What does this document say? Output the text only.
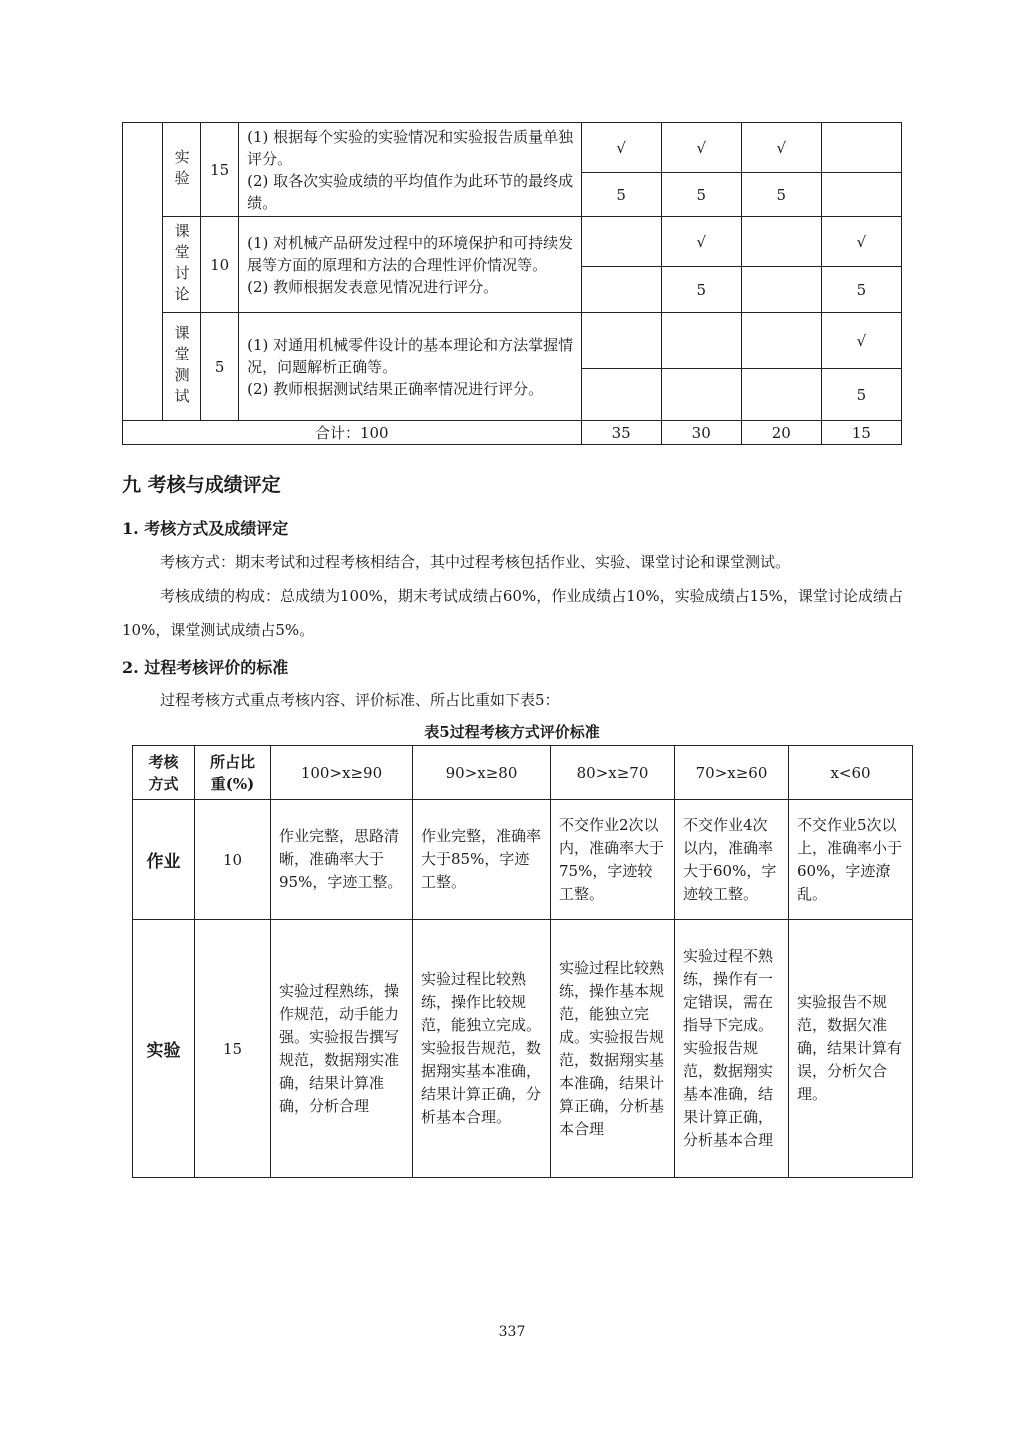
	实验	15	(1) 根据每个实验的实验情况和实验报告质量单独评分。
(2) 取各次实验成绩的平均值作为此环节的最终成绩。	√	√	√	
				5	5	5	
	课堂讨论	10	(1) 对机械产品研发过程中的环境保护和可持续发展等方面的原理和方法的合理性评价情况等。
(2) 教师根据发表意见情况进行评分。		√		√
					5		5
	课堂测试	5	(1) 对通用机械零件设计的基本理论和方法掌握情况，问题解析正确等。
(2) 教师根据测试结果正确率情况进行评分。				√
							5
合计：100				35	30	20	15
九 考核与成绩评定
1. 考核方式及成绩评定

考核方式：期末考试和过程考核相结合，其中过程考核包括作业、实验、课堂讨论和课堂测试。

考核成绩的构成：总成绩为100%，期末考试成绩占60%，作业成绩占10%，实验成绩占15%，课堂讨论成绩占10%，课堂测试成绩占5%。

2. 过程考核评价的标准

过程考核方式重点考核内容、评价标准、所占比重如下表5：

表5过程考核方式评价标准
考核方式	所占比重(%)	100>x≥90	90>x≥80	80>x≥70	70>x≥60	x<60
作业	10	作业完整，思路清晰，准确率大于95%，字迹工整。	作业完整，准确率大于85%，字迹工整。	不交作业2次以内，准确率大于75%，字迹较工整。	不交作业4次以内，准确率大于60%，字迹较工整。	不交作业5次以上，准确率小于60%，字迹潦乱。
实验	15	实验过程熟练，操作规范，动手能力强。实验报告撰写规范，数据翔实准确，结果计算准确，分析合理	实验过程比较熟练，操作比较规范，能独立完成。实验报告规范，数据翔实基本准确，结果计算正确，分析基本合理。	实验过程比较熟练，操作基本规范，能独立完成。实验报告规范，数据翔实基本准确，结果计算正确，分析基本合理	实验过程不熟练，操作有一定错误，需在指导下完成。实验报告规范，数据翔实基本准确，结果计算正确，分析基本合理	实验报告不规范，数据欠准确，结果计算有误，分析欠合理。
337
